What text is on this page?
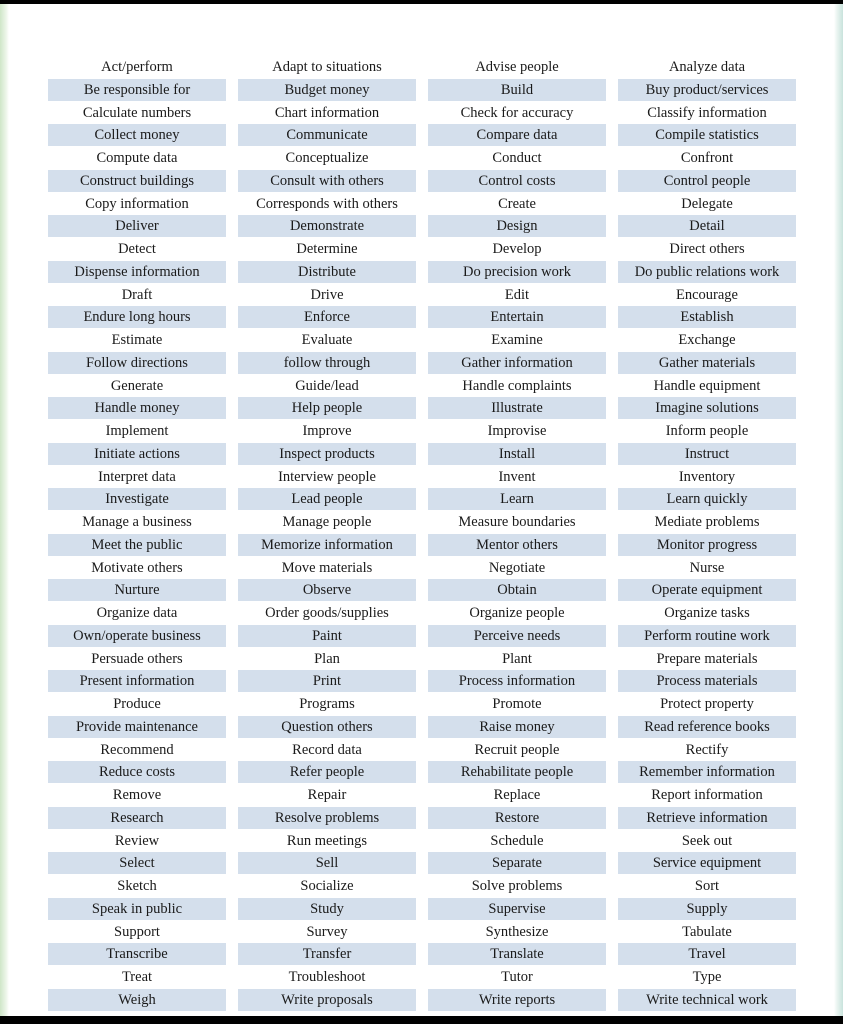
Act/perform	Adapt to situations	Advise people	Analyze data
Be responsible for	Budget money	Build	Buy product/services
Calculate numbers	Chart information	Check for accuracy	Classify information
Collect money	Communicate	Compare data	Compile statistics
Compute data	Conceptualize	Conduct	Confront
Construct buildings	Consult with others	Control costs	Control people
Copy information	Corresponds with others	Create	Delegate
Deliver	Demonstrate	Design	Detail
Detect	Determine	Develop	Direct others
Dispense information	Distribute	Do precision work	Do public relations work
Draft	Drive	Edit	Encourage
Endure long hours	Enforce	Entertain	Establish
Estimate	Evaluate	Examine	Exchange
Follow directions	follow through	Gather information	Gather materials
Generate	Guide/lead	Handle complaints	Handle equipment
Handle money	Help people	Illustrate	Imagine solutions
Implement	Improve	Improvise	Inform people
Initiate actions	Inspect products	Install	Instruct
Interpret data	Interview people	Invent	Inventory
Investigate	Lead people	Learn	Learn quickly
Manage a business	Manage people	Measure boundaries	Mediate problems
Meet the public	Memorize information	Mentor others	Monitor progress
Motivate others	Move materials	Negotiate	Nurse
Nurture	Observe	Obtain	Operate equipment
Organize data	Order goods/supplies	Organize people	Organize tasks
Own/operate business	Paint	Perceive needs	Perform routine work
Persuade others	Plan	Plant	Prepare materials
Present information	Print	Process information	Process materials
Produce	Programs	Promote	Protect property
Provide maintenance	Question others	Raise money	Read reference books
Recommend	Record data	Recruit people	Rectify
Reduce costs	Refer people	Rehabilitate people	Remember information
Remove	Repair	Replace	Report information
Research	Resolve problems	Restore	Retrieve information
Review	Run meetings	Schedule	Seek out
Select	Sell	Separate	Service equipment
Sketch	Socialize	Solve problems	Sort
Speak in public	Study	Supervise	Supply
Support	Survey	Synthesize	Tabulate
Transcribe	Transfer	Translate	Travel
Treat	Troubleshoot	Tutor	Type
Weigh	Write proposals	Write reports	Write technical work
